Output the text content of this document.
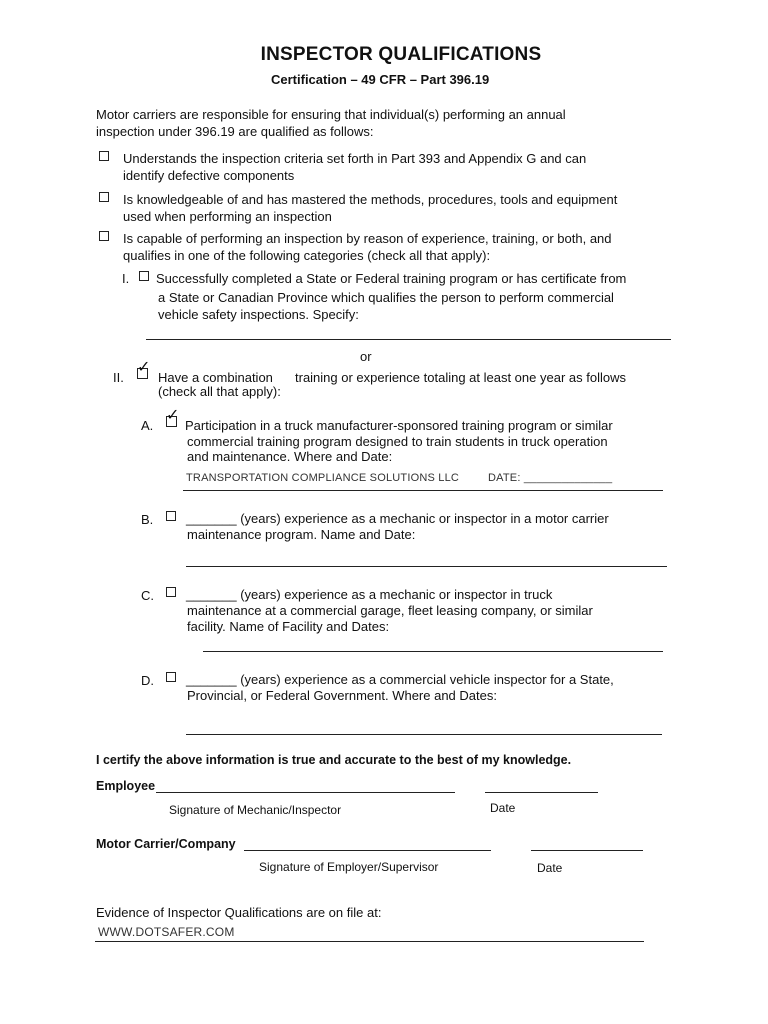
INSPECTOR QUALIFICATIONS
Certification – 49 CFR – Part 396.19
Motor carriers are responsible for ensuring that individual(s) performing an annual
inspection under 396.19 are qualified as follows:
Understands the inspection criteria set forth in Part 393 and Appendix G and can
identify defective components
Is knowledgeable of and has mastered the methods, procedures, tools and equipment
used when performing an inspection
Is capable of performing an inspection by reason of experience, training, or both, and
qualifies in one of the following categories (check all that apply):
I. Successfully completed a State or Federal training program or has certificate from
a State or Canadian Province which qualifies the person to perform commercial
vehicle safety inspections. Specify:
or
II.
✓
Have a combination training or experience totaling at least one year as follows
(check all that apply):
A.
✓
Participation in a truck manufacturer-sponsored training program or similar
commercial training program designed to train students in truck operation
and maintenance. Where and Date:
TRANSPORTATION COMPLIANCE SOLUTIONS LLC	DATE: ______________
B.	_______ (years) experience as a mechanic or inspector in a motor carrier
maintenance program. Name and Date:
C. _______ (years) experience as a mechanic or inspector in truck
maintenance at a commercial garage, fleet leasing company, or similar
facility. Name of Facility and Dates:
D. _______ (years) experience as a commercial vehicle inspector for a State,
Provincial, or Federal Government. Where and Dates:
I certify the above information is true and accurate to the best of my knowledge.
Employee
Signature of Mechanic/Inspector	Date
Motor Carrier/Company
Signature of Employer/Supervisor	Date
Evidence of Inspector Qualifications are on file at:
WWW.DOTSAFER.COM
